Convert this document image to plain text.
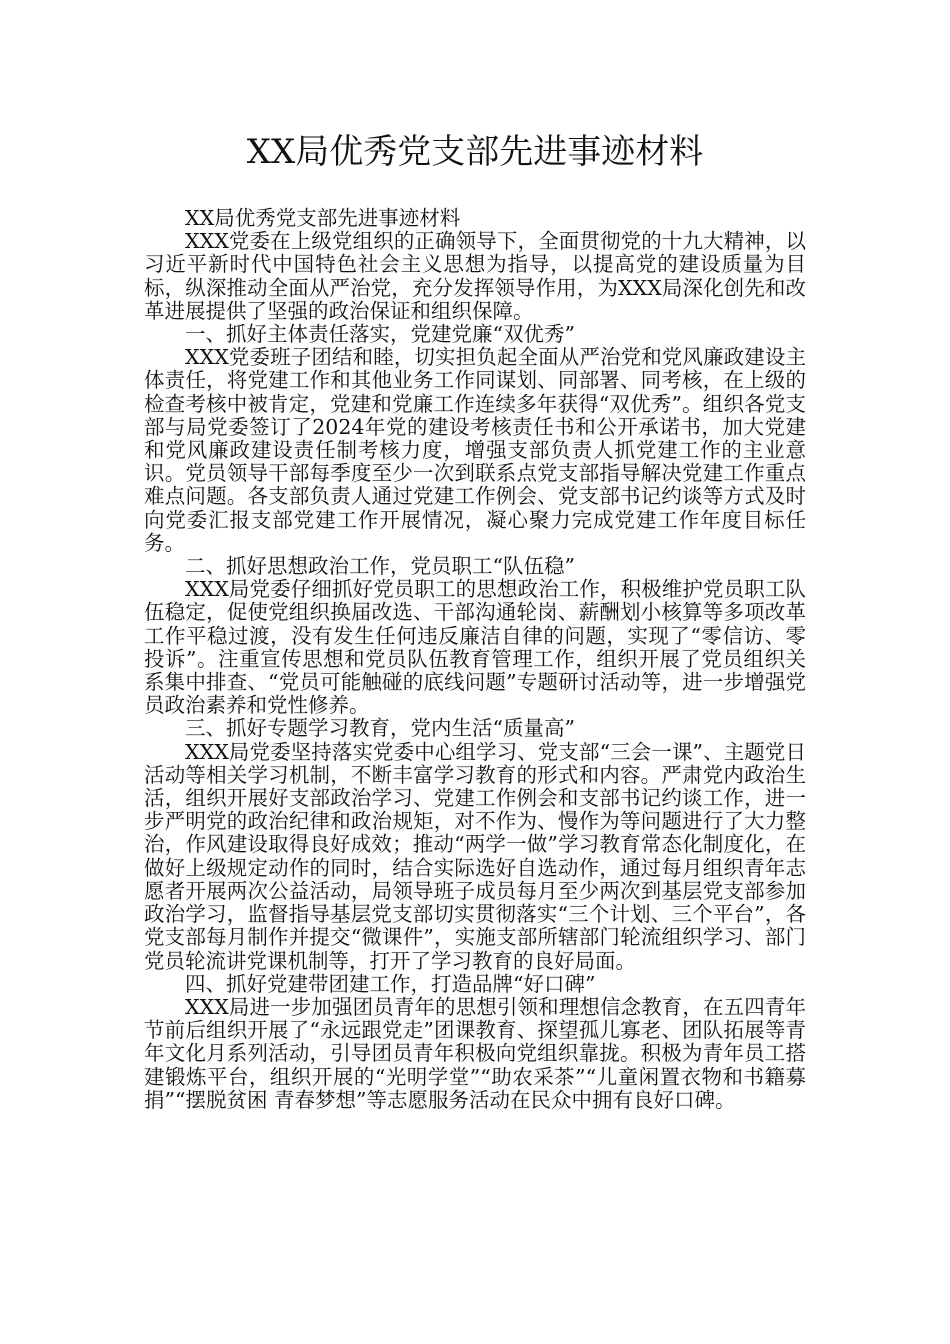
XX局优秀党支部先进事迹材料

XX局优秀党支部先进事迹材料

XXX党委在上级党组织的正确领导下，全面贯彻党的十九大精神，以习近平新时代中国特色社会主义思想为指导，以提高党的建设质量为目标，纵深推动全面从严治党，充分发挥领导作用，为XXX局深化创先和改革进展提供了坚强的政治保证和组织保障。

一、抓好主体责任落实，党建党廉“双优秀”

XXX党委班子团结和睦，切实担负起全面从严治党和党风廉政建设主体责任，将党建工作和其他业务工作同谋划、同部署、同考核，在上级的检查考核中被肯定，党建和党廉工作连续多年获得“双优秀”。组织各党支部与局党委签订了2024年党的建设考核责任书和公开承诺书，加大党建和党风廉政建设责任制考核力度，增强支部负责人抓党建工作的主业意识。党员领导干部每季度至少一次到联系点党支部指导解决党建工作重点难点问题。各支部负责人通过党建工作例会、党支部书记约谈等方式及时向党委汇报支部党建工作开展情况，凝心聚力完成党建工作年度目标任务。

二、抓好思想政治工作，党员职工“队伍稳”

XXX局党委仔细抓好党员职工的思想政治工作，积极维护党员职工队伍稳定，促使党组织换届改选、干部沟通轮岗、薪酬划小核算等多项改革工作平稳过渡，没有发生任何违反廉洁自律的问题，实现了“零信访、零投诉”。注重宣传思想和党员队伍教育管理工作，组织开展了党员组织关系集中排查、“党员可能触碰的底线问题”专题研讨活动等，进一步增强党员政治素养和党性修养。

三、抓好专题学习教育，党内生活“质量高”

XXX局党委坚持落实党委中心组学习、党支部“三会一课”、主题党日活动等相关学习机制，不断丰富学习教育的形式和内容。严肃党内政治生活，组织开展好支部政治学习、党建工作例会和支部书记约谈工作，进一步严明党的政治纪律和政治规矩，对不作为、慢作为等问题进行了大力整治，作风建设取得良好成效；推动“两学一做”学习教育常态化制度化，在做好上级规定动作的同时，结合实际选好自选动作，通过每月组织青年志愿者开展两次公益活动，局领导班子成员每月至少两次到基层党支部参加政治学习，监督指导基层党支部切实贯彻落实“三个计划、三个平台”，各党支部每月制作并提交“微课件”，实施支部所辖部门轮流组织学习、部门党员轮流讲党课机制等，打开了学习教育的良好局面。

四、抓好党建带团建工作，打造品牌“好口碑”

XXX局进一步加强团员青年的思想引领和理想信念教育，在五四青年节前后组织开展了“永远跟党走”团课教育、探望孤儿寡老、团队拓展等青年文化月系列活动，引导团员青年积极向党组织靠拢。积极为青年员工搭建锻炼平台，组织开展的“光明学堂”“助农采茶”“儿童闲置衣物和书籍募捐”“摆脱贫困 青春梦想”等志愿服务活动在民众中拥有良好口碑。
